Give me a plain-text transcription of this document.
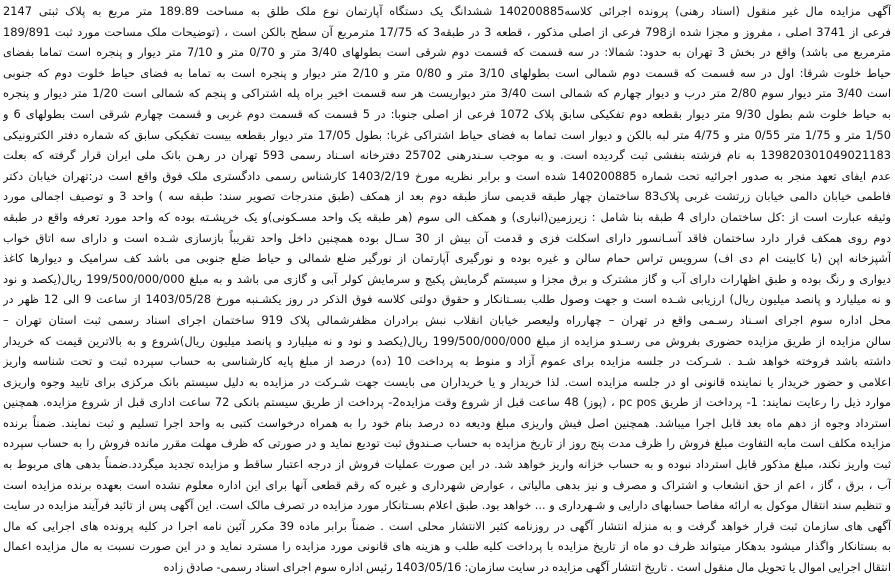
آگهی مزایده مال غیر منقول (اسناد رهنی) پرونده اجرائی کلاسه140200885 ششدانگ یک دستگاه آپارتمان نوع ملک طلق به مساحت 189.89 متر مربع به پلاک ثبتی 2147
فرعی از 3741 اصلی ، مفروز و مجزا شده از798 فرعی از اصلی مذکور ، قطعه 3 در طبقه3 که 17/75 مترمربع آن سطح بالکن است ، (توضیحات ملک مساحت مورد ثبت 189/891
مترمربع می باشد) واقع در بخش 3 تهران به حدود: شمالا: در سه قسمت که قسمت دوم شرقی است بطولهای 3/40 متر و 0/70 متر و 7/10 متر دیوار و پنجره است تماما بفضای
حیاط خلوت شرقا: اول در سه قسمت که قسمت دوم شمالی است بطولهای 3/10 متر و 0/80 متر و 2/10 متر دیوار و پنجره است به تماما به فضای حیاط خلوت دوم که جنوبی
است 3/40 متر دیوار سوم 2/80 متر درب و دیوار چهارم که شمالی است 3/40 متر دیواریست هر سه قسمت اخیر براه پله اشتراکی و پنجم که شمالی است 1/20 متر دیوار و پنجره
به حیاط خلوت شم بطول 9/30 متر دیوار بقطعه دوم تفکیکی سابق پلاک 1072 فرعی از اصلی جنوبا: در 5 قسمت که قسمت دوم غربی و قسمت چهارم شرقی است بطولهای 6 و
1/50 متر و 1/75 متر 0/55 متر و 4/75 متر لبه بالکن و دیوار است تماما به فضای حیاط اشتراکی غربا: بطول 17/05 متر دیوار بقطعه بیست تفکیکی سابق که شماره دفتر الکترونیکی
139820301049021183 به نام فرشته بنفشی ثبت گردیده است. و به موجب سـندرهنی 25702 دفترخانه اسـناد رسمی 593 تهران در رهـن بانک ملی ایران قرار گرفته که بعلت
عدم ایفای تعهد منجر به صدور اجرائیه تحت شماره 140200885 شده است و برابر نظریه مورخ 1403/2/19 کارشناس رسمی دادگستری ملک فوق واقع است در:تهران خیابان دکتر
فاطمی خیابان دالمی خیابان زرتشت غربی پلاک83 ساختمان چهار طبقه قدیمی ساز طبقه دوم بعد از همکف (طبق مندرجات تصویر سند: طبقه سه ) واحد 3 و توصیف اجمالی مورد
وثیقه عبارت است از :کل ساختمان دارای 4 طبقه بنا شامل : زیرزمین(انباری) و همکف الی سوم (هر طبقه یک واحد مسـکونی)و یک خرپشـته بوده که واحد مورد تعرفه واقع در طبقه
دوم روی همکف قرار دارد ساختمان فاقد آسـانسور دارای اسکلت فزی و قدمت آن بیش از 30 سـال بوده همچنین داخل واحد تقریباً بازسازی شـده است و دارای سه اتاق خواب
آشپزخانه اپن (با کابینت ام دی اف) سرویس تراس حمام سالن و غیره بوده و نورگیری آپارتمان از نورگیر ضلع شمالی و حیاط ضلع جنوبی می باشد کف سرامیک و دیوارها کاغذ
دیواری و رنگ بوده و طبق اظهارات دارای آب و گاز مشترک و برق مجزا و سیستم گرمایش پکیج و سرمایش کولر آبی و گازی می باشد و به مبلغ 199/500/000/000 ریال(یکصد و نود
و نه میلیارد و پانصد میلیون ریال) ارزیابی شـده است و جهت وصول طلب بسـتانکار و حقوق دولتی کلاسه فوق الذکر در روز یکشـنبه مورخ 1403/05/28 از ساعت 9 الی 12 ظهر در
محل اداره سوم اجرای اسـناد رسـمی واقع در تهران – چهارراه ولیعصر خیابان انقلاب نبش برادران مظفرشمالی پلاک 919 ساختمان اجرای اسناد رسمی ثبت استان تهران –
سالن مزایده از طریق مزایده حضوری بفروش می رسـدو مزایده از مبلغ 199/500/000/000 ریال(یکصد و نود و نه میلیارد و پانصد میلیون ریال)شروع و به بالاترین قیمت که خریدار
داشته باشد فروخته خواهد شـد . شـرکت در جلسه مزایده برای عموم آزاد و منوط به پرداخت 10 (ده) درصد از مبلغ پایه کارشناسی به حساب سپرده ثبت و تحت شناسه واریز
اعلامی و حضور خریدار یا نماینده قانونی او در جلسه مزایده است. لذا خریدار و یا خریداران می بایست جهت شـرکت در مزایده به دلیل سیستم بانک مرکزی برای تایید وجوه واریزی
موارد ذیل را رعایت نمایند: 1- پرداخت از طریق pc pos ، (پوز) 48 ساعت قبل از شروع وقت مزایده2- پرداخت از طریق سیستم بانکی 72 ساعت اداری قبل از شروع مزایده. همچنین
استرداد وجوه از دهم ماه بعد قابل اجرا میباشد. همچنین اصل فیش واریزی مبلغ ودیعه ده درصد بنام خود را به همراه درخواست کتبی به واحد اجرا تسلیم و ثبت نمایند. ضمناً برنده
مزایده مکلف است مابه التفاوت مبلغ فروش را ظرف مدت پنج روز از تاریخ مزایده به حساب صـندوق ثبت تودیع نماید و در صورتی که ظرف مهلت مقرر مانده فروش را به حساب سپرده
ثبت واریز نکند، مبلغ مذکور قابل استرداد نبوده و به حساب خزانه واریز خواهد شد. در این صورت عملیات فروش از درجه اعتبار ساقط و مزایده تجدید میگردد.ضمناً بدهی های مربوط به
آب ، برق ، گاز ، اعم از حق انشعاب و اشتراک و مصرف و نیز بدهی مالیاتی ، عوارض شهرداری و غیره که رقم قطعی آنها برای این اداره معلوم نشده است بعهده برنده مزایده است
و تنظیم سند انتقال موکول به ارائه مفاصا حسابهای دارایی و شـهرداری و ... خواهد بود. طبق اعلام بسـتانکار مورد مزایده در تصرف مالک است. این آگهی پس از تائید فرآیند مزایده در سایت
آگهی های سازمان ثبت قرار خواهد گرفت و به منزله انتشار آگهی در روزنامه کثیر الانتشار محلی است . ضمناً برابر ماده 39 مکرر آئین نامه اجرا در کلیه پرونده های اجرایی که مال
به بستانکار واگذار میشود بدهکار میتواند ظرف دو ماه از تاریخ مزایده با پرداخت کلیه طلب و هزینه های قانونی مورد مزایده را مسترد نماید و در این صورت نسبت به مال مزایده اعمال
انتقال اجرایی اموال یا تحویل مال منقول است . تاریخ انتشار آگهی مزایده در سایت سازمان: 1403/05/16 رئیس اداره سوم اجرای اسناد رسمی- صادق زاده
